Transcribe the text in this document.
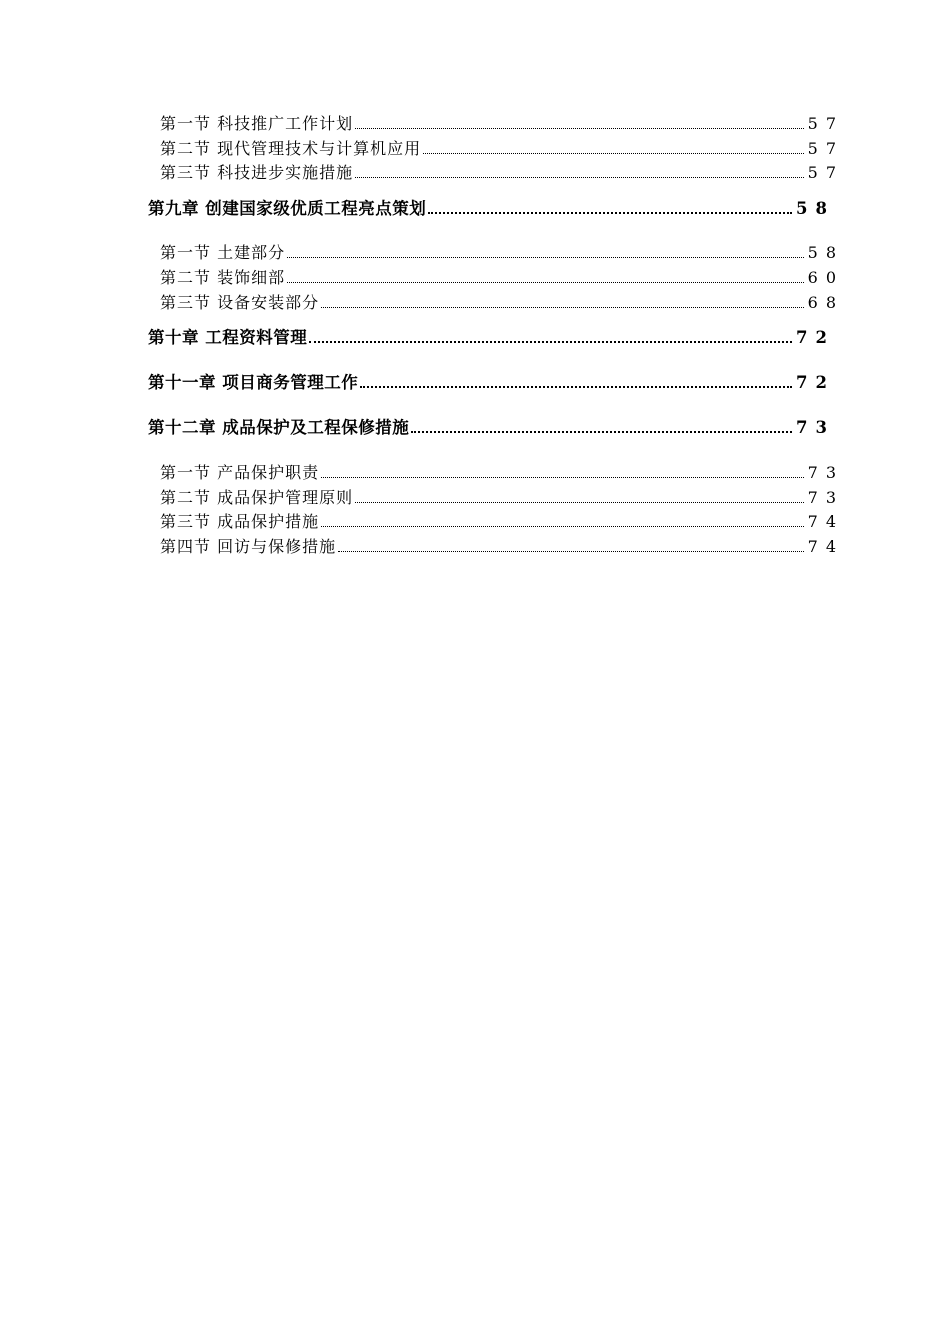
第一节 科技推广工作计划	57
第二节 现代管理技术与计算机应用	57
第三节 科技进步实施措施	57
第九章 创建国家级优质工程亮点策划	58
第一节 土建部分	58
第二节 装饰细部	60
第三节 设备安装部分	68
第十章 工程资料管理	72
第十一章 项目商务管理工作	72
第十二章 成品保护及工程保修措施	73
第一节 产品保护职责	73
第二节 成品保护管理原则	73
第三节 成品保护措施	74
第四节 回访与保修措施	74
